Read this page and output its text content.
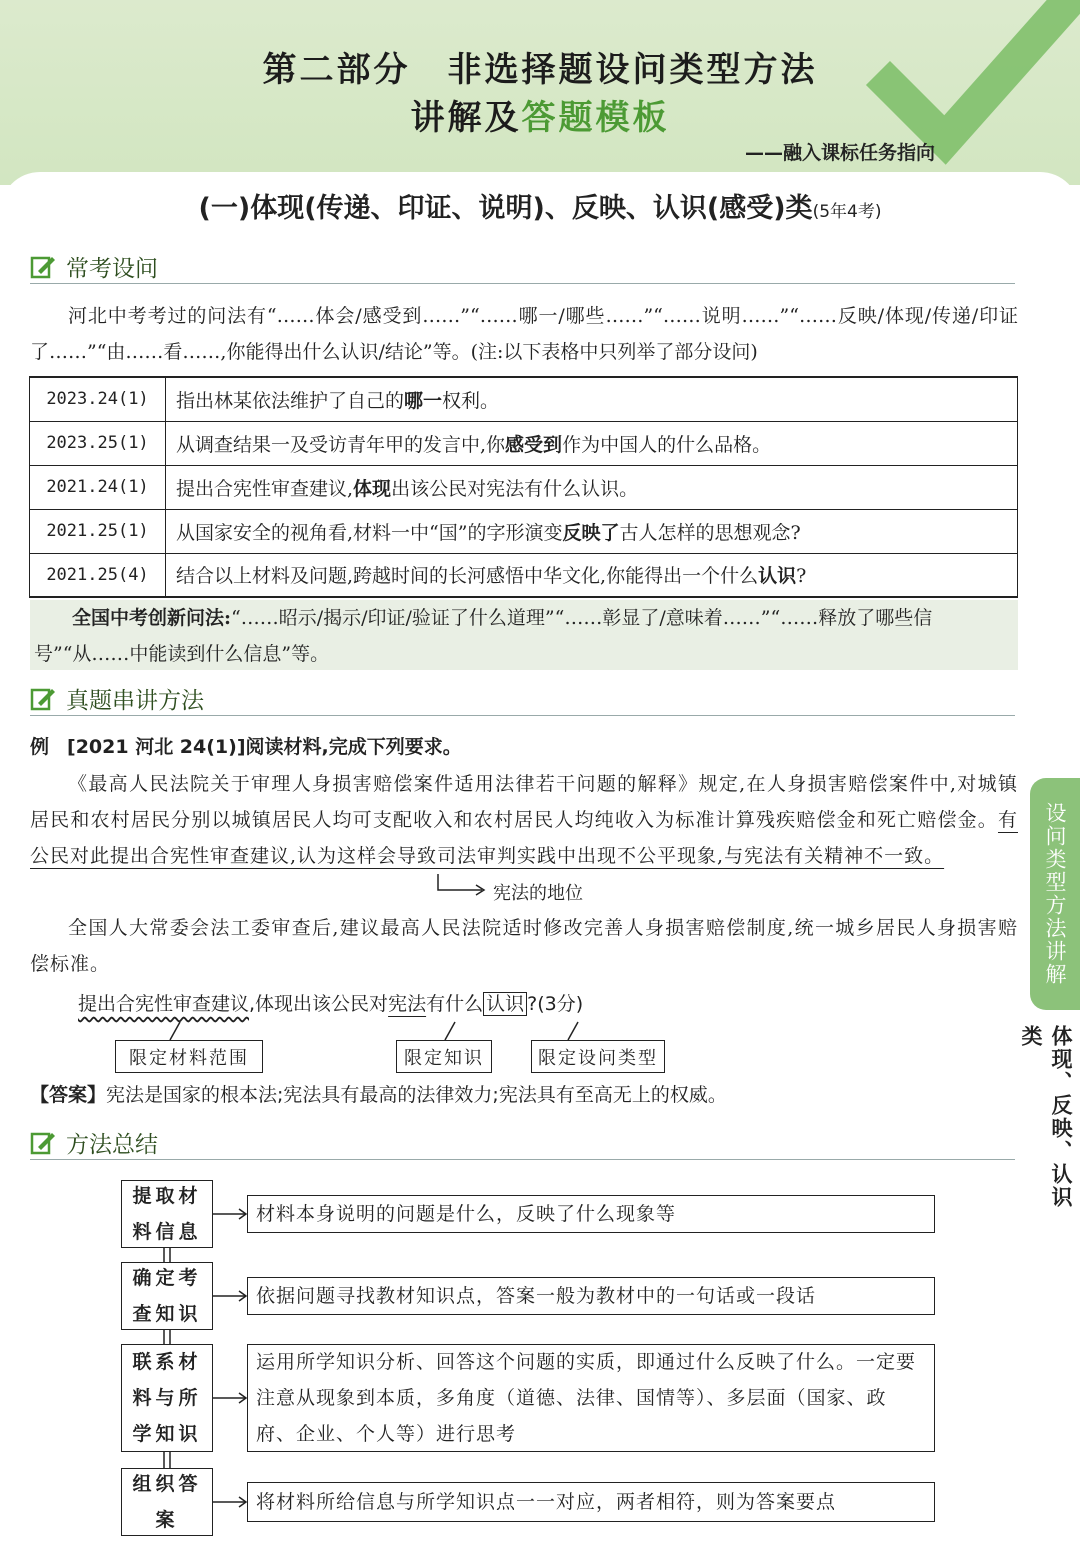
第二部分　非选择题设问类型方法
讲解及答题模板
——融入课标任务指向
(一)体现(传递、印证、说明)、反映、认识(感受)类(5年4考)
常考设问
河北中考考过的问法有“……体会/感受到……”“……哪一/哪些……”“……说明……”“……反映/体现/传递/印证了……”“由……看……,你能得出什么认识/结论”等。(注:以下表格中只列举了部分设问)
2023.24(1)	指出林某依法维护了自己的哪一权利。
2023.25(1)	从调查结果一及受访青年甲的发言中,你感受到作为中国人的什么品格。
2021.24(1)	提出合宪性审查建议,体现出该公民对宪法有什么认识。
2021.25(1)	从国家安全的视角看,材料一中“国”的字形演变反映了古人怎样的思想观念?
2021.25(4)	结合以上材料及问题,跨越时间的长河感悟中华文化,你能得出一个什么认识?
全国中考创新问法:“……昭示/揭示/印证/验证了什么道理”“……彰显了/意味着……”“……释放了哪些信号”“从……中能读到什么信息”等。
真题串讲方法
例 [2021 河北 24(1)]阅读材料,完成下列要求。
《最高人民法院关于审理人身损害赔偿案件适用法律若干问题的解释》规定,在人身损害赔偿案件中,对城镇居民和农村居民分别以城镇居民人均可支配收入和农村居民人均纯收入为标准计算残疾赔偿金和死亡赔偿金。有公民对此提出合宪性审查建议,认为这样会导致司法审判实践中出现不公平现象,与宪法有关精神不一致。
宪法的地位
全国人大常委会法工委审查后,建议最高人民法院适时修改完善人身损害赔偿制度,统一城乡居民人身损害赔偿标准。
提出合宪性审查建议,体现出该公民对宪法有什么 认识 ?(3分)
限定材料范围	限定知识	限定设问类型
【答案】宪法是国家的根本法;宪法具有最高的法律效力;宪法具有至高无上的权威。
方法总结
提取材料信息
材料本身说明的问题是什么，反映了什么现象等
确定考查知识
依据问题寻找教材知识点，答案一般为教材中的一句话或一段话
联系材料与所学知识
运用所学知识分析、回答这个问题的实质，即通过什么反映了什么。一定要注意从现象到本质，多角度（道德、法律、国情等）、多层面（国家、政府、企业、个人等）进行思考
组织答案
将材料所给信息与所学知识点一一对应，两者相符，则为答案要点
设问类型方法讲解
体现、反映、认识类
